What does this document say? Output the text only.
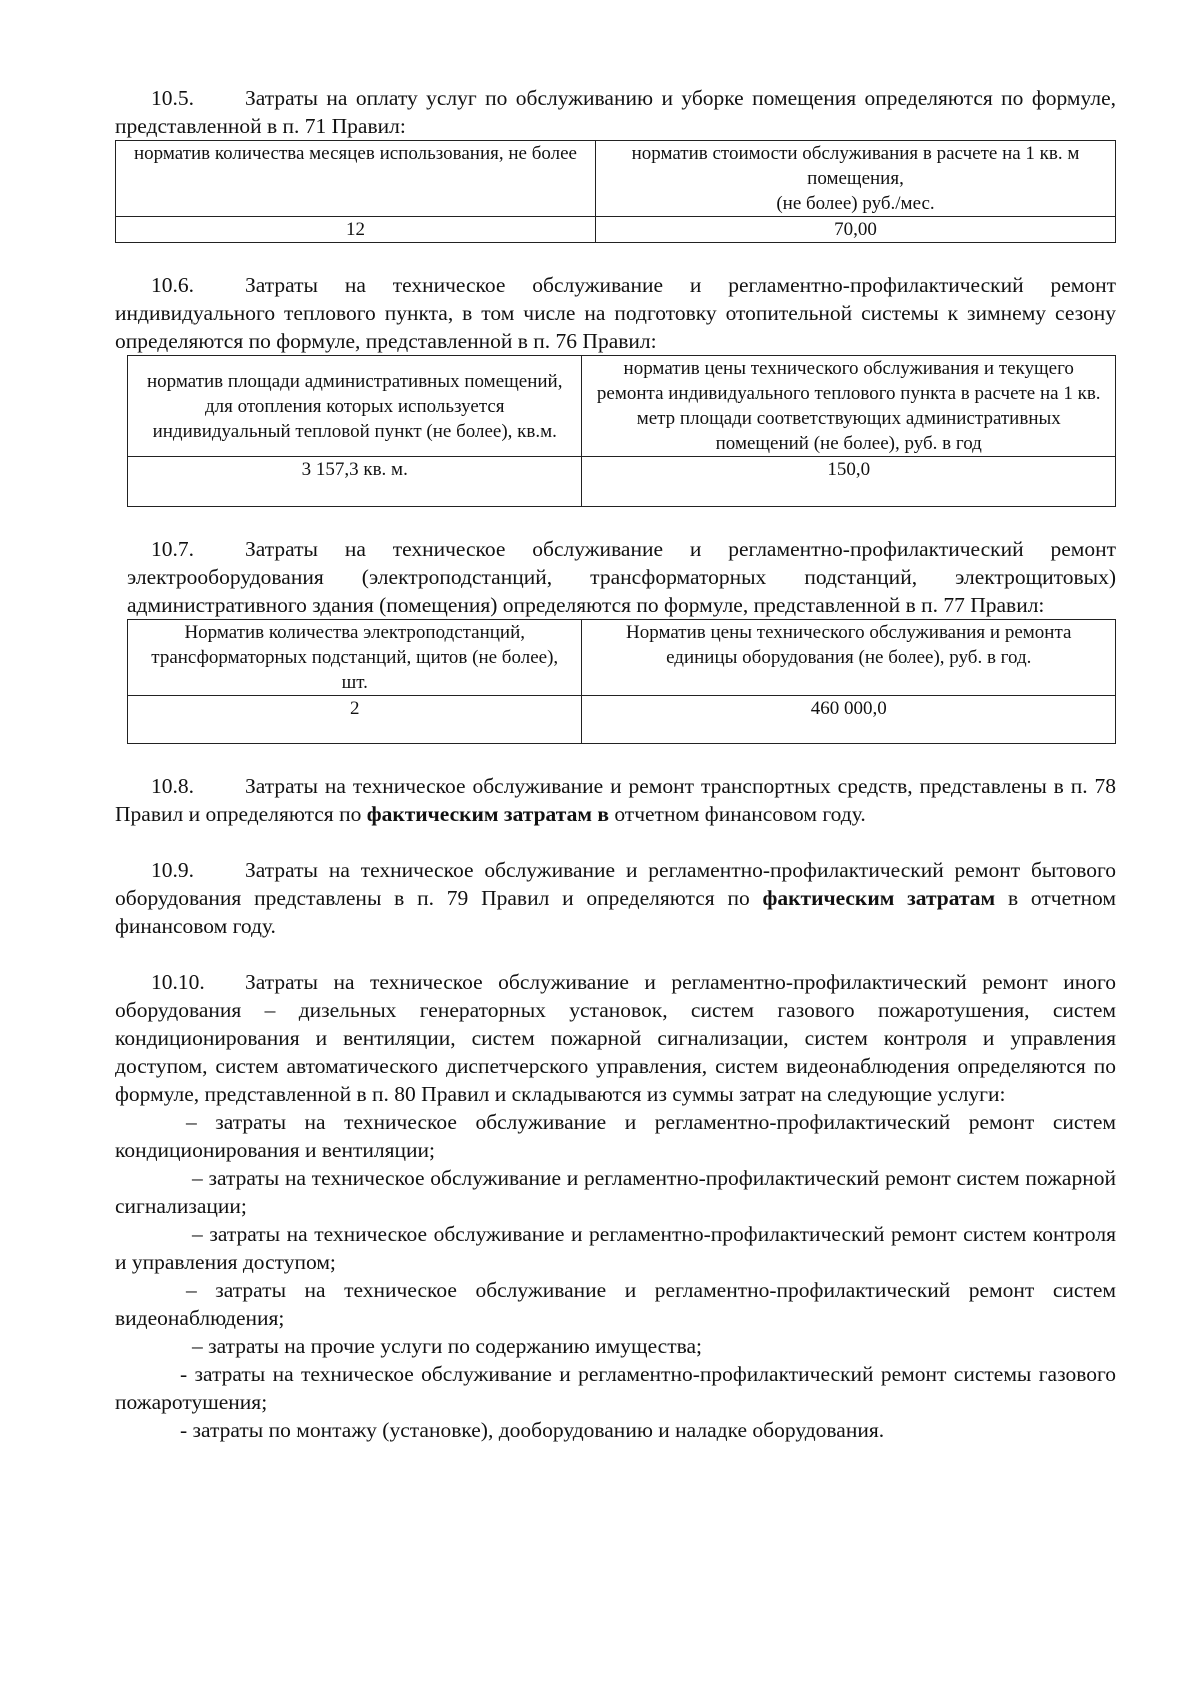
10.5. Затраты на оплату услуг по обслуживанию и уборке помещения определяются по формуле, представленной в п. 71 Правил:

норматив количества месяцев использования, не более	норматив стоимости обслуживания в расчете на 1 кв. м помещения,
(не более) руб./мес.
12	70,00

10.6. Затраты на техническое обслуживание и регламентно-профилактический ремонт индивидуального теплового пункта, в том числе на подготовку отопительной системы к зимнему сезону определяются по формуле, представленной в п. 76 Правил:

норматив площади административных помещений, для отопления которых используется индивидуальный тепловой пункт (не более), кв.м.	норматив цены технического обслуживания и текущего ремонта индивидуального теплового пункта в расчете на 1 кв. метр площади соответствующих административных помещений (не более), руб. в год
3 157,3 кв. м.	150,0

10.7. Затраты на техническое обслуживание и регламентно-профилактический ремонт электрооборудования (электроподстанций, трансформаторных подстанций, электрощитовых) административного здания (помещения) определяются по формуле, представленной в п. 77 Правил:

Норматив количества электроподстанций, трансформаторных подстанций, щитов (не более), шт.	Норматив цены технического обслуживания и ремонта единицы оборудования (не более), руб. в год.
2	460 000,0

10.8. Затраты на техническое обслуживание и ремонт транспортных средств, представлены в п. 78 Правил и определяются по фактическим затратам в отчетном финансовом году.

10.9. Затраты на техническое обслуживание и регламентно-профилактический ремонт бытового оборудования представлены в п. 79 Правил и определяются по фактическим затратам в отчетном финансовом году.

10.10. Затраты на техническое обслуживание и регламентно-профилактический ремонт иного оборудования – дизельных генераторных установок, систем газового пожаротушения, систем кондиционирования и вентиляции, систем пожарной сигнализации, систем контроля и управления доступом, систем автоматического диспетчерского управления, систем видеонаблюдения определяются по формуле, представленной в п. 80 Правил и складываются из суммы затрат на следующие услуги:

– затраты на техническое обслуживание и регламентно-профилактический ремонт систем кондиционирования и вентиляции;

– затраты на техническое обслуживание и регламентно-профилактический ремонт систем пожарной сигнализации;

– затраты на техническое обслуживание и регламентно-профилактический ремонт систем контроля и управления доступом;

– затраты на техническое обслуживание и регламентно-профилактический ремонт систем видеонаблюдения;

– затраты на прочие услуги по содержанию имущества;

- затраты на техническое обслуживание и регламентно-профилактический ремонт системы газового пожаротушения;

- затраты по монтажу (установке), дооборудованию и наладке оборудования.
